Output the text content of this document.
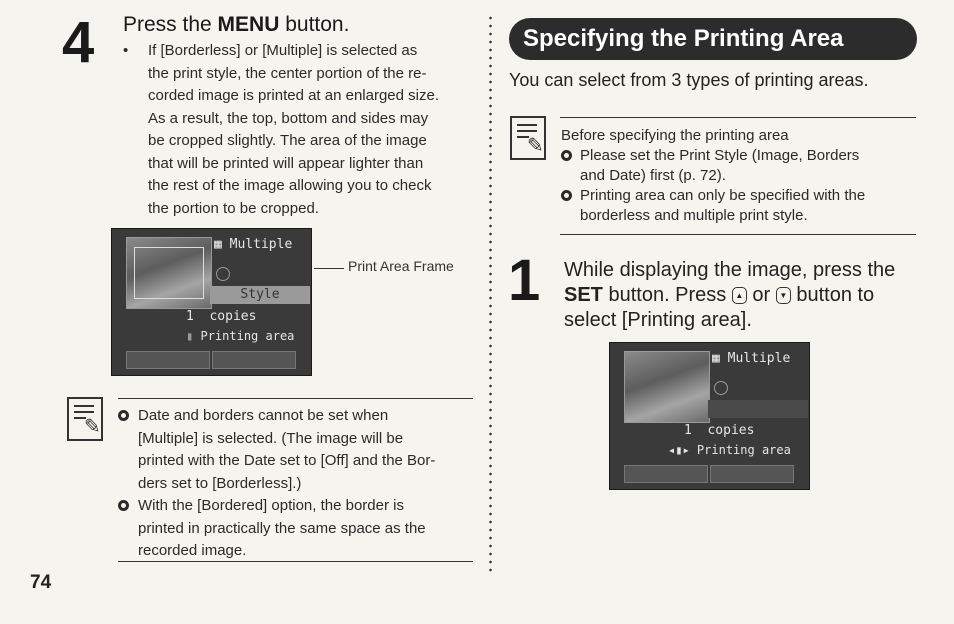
4 Press the MENU button.
• If [Borderless] or [Multiple] is selected as
the print style, the center portion of the re-
corded image is printed at an enlarged size.
As a result, the top, bottom and sides may
be cropped slightly. The area of the image
that will be printed will appear lighter than
the rest of the image allowing you to check
the portion to be cropped.
▦ Multiple
Style
1 copies
▮ Printing area
Print Area Frame
✎
Date and borders cannot be set when
[Multiple] is selected. (The image will be
printed with the Date set to [Off] and the Bor-
ders set to [Borderless].)
With the [Bordered] option, the border is
printed in practically the same space as the
recorded image.
74
Specifying the Printing Area
You can select from 3 types of printing areas.
✎ Before specifying the printing area
Please set the Print Style (Image, Borders
and Date) first (p. 72).
Printing area can only be specified with the
borderless and multiple print style.
1 While displaying the image, press the
SET button. Press ▲ or ▼ button to
select [Printing area].
▦ Multiple
1 copies
◂▮▸ Printing area
